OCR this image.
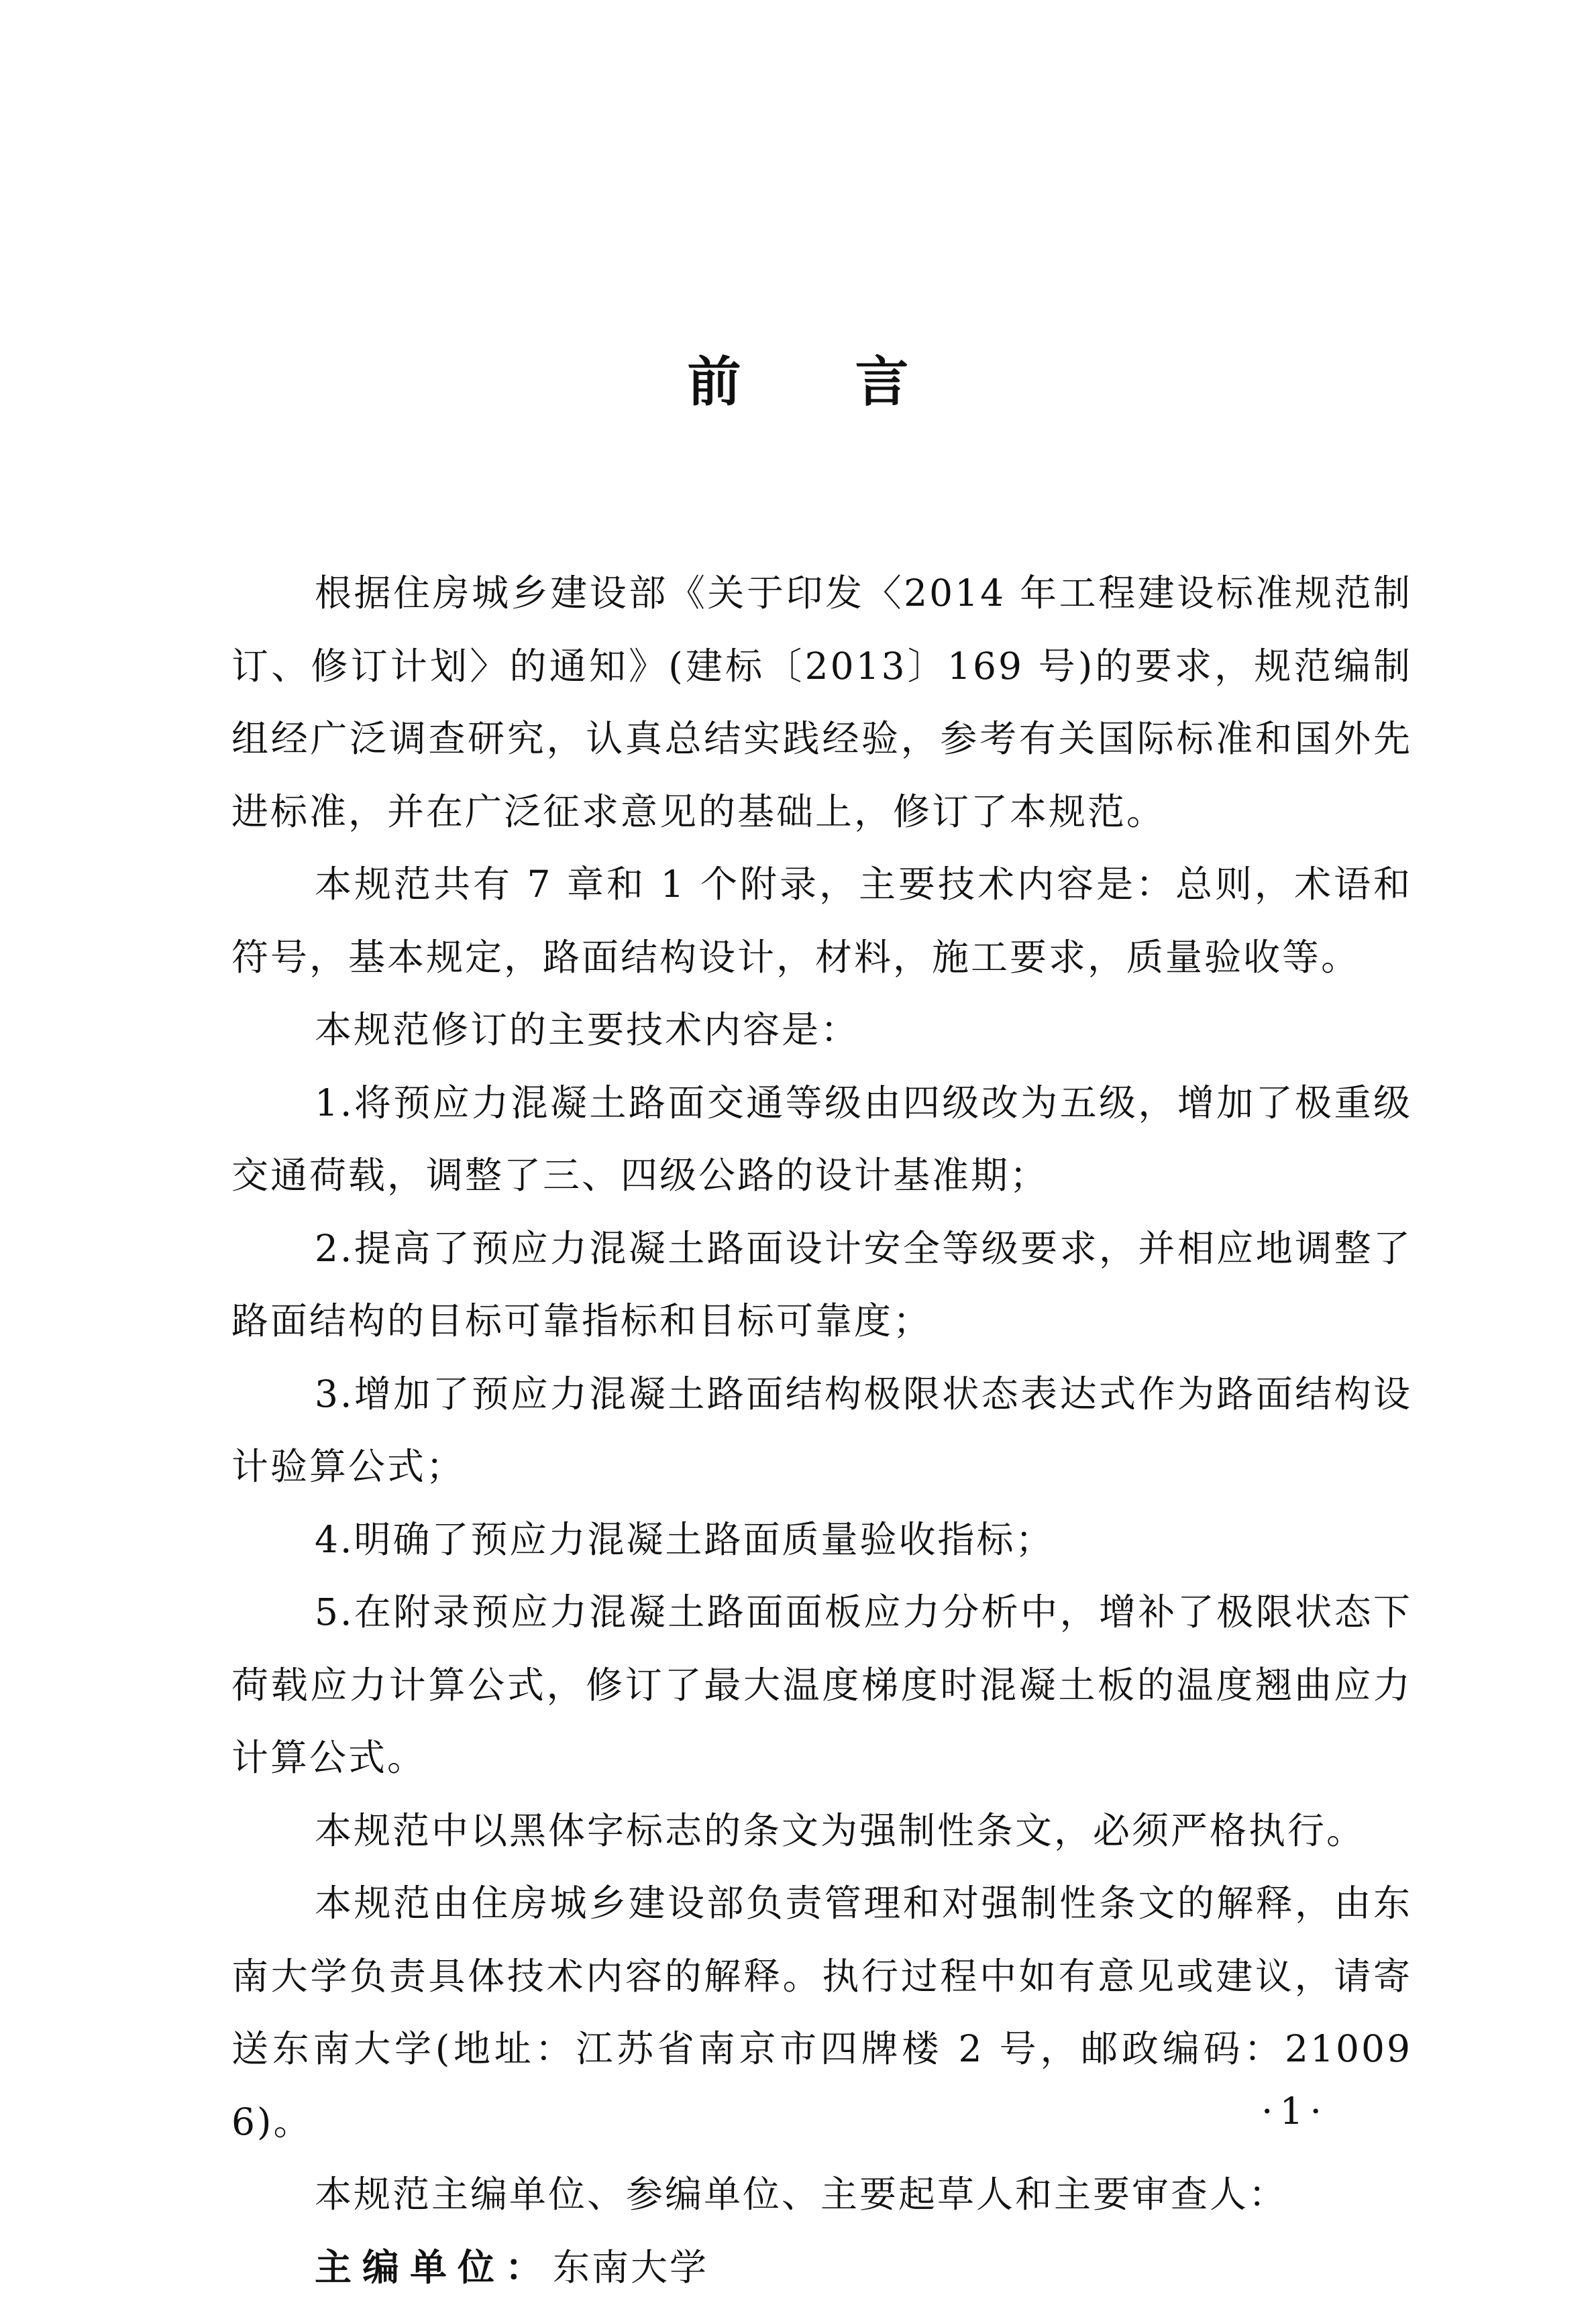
前言

根据住房城乡建设部《关于印发〈2014 年工程建设标准规范制订、修订计划〉的通知》(建标〔2013〕169 号)的要求，规范编制组经广泛调查研究，认真总结实践经验，参考有关国际标准和国外先进标准，并在广泛征求意见的基础上，修订了本规范。

本规范共有 7 章和 1 个附录，主要技术内容是：总则，术语和符号，基本规定，路面结构设计，材料，施工要求，质量验收等。

本规范修订的主要技术内容是：

1.将预应力混凝土路面交通等级由四级改为五级，增加了极重级交通荷载，调整了三、四级公路的设计基准期；

2.提高了预应力混凝土路面设计安全等级要求，并相应地调整了路面结构的目标可靠指标和目标可靠度；

3.增加了预应力混凝土路面结构极限状态表达式作为路面结构设计验算公式；

4.明确了预应力混凝土路面质量验收指标；

5.在附录预应力混凝土路面面板应力分析中，增补了极限状态下荷载应力计算公式，修订了最大温度梯度时混凝土板的温度翘曲应力计算公式。

本规范中以黑体字标志的条文为强制性条文，必须严格执行。

本规范由住房城乡建设部负责管理和对强制性条文的解释，由东南大学负责具体技术内容的解释。执行过程中如有意见或建议，请寄送东南大学(地址：江苏省南京市四牌楼 2 号，邮政编码：210096)。

本规范主编单位、参编单位、主要起草人和主要审查人：

主编单位：东南大学

·1·
